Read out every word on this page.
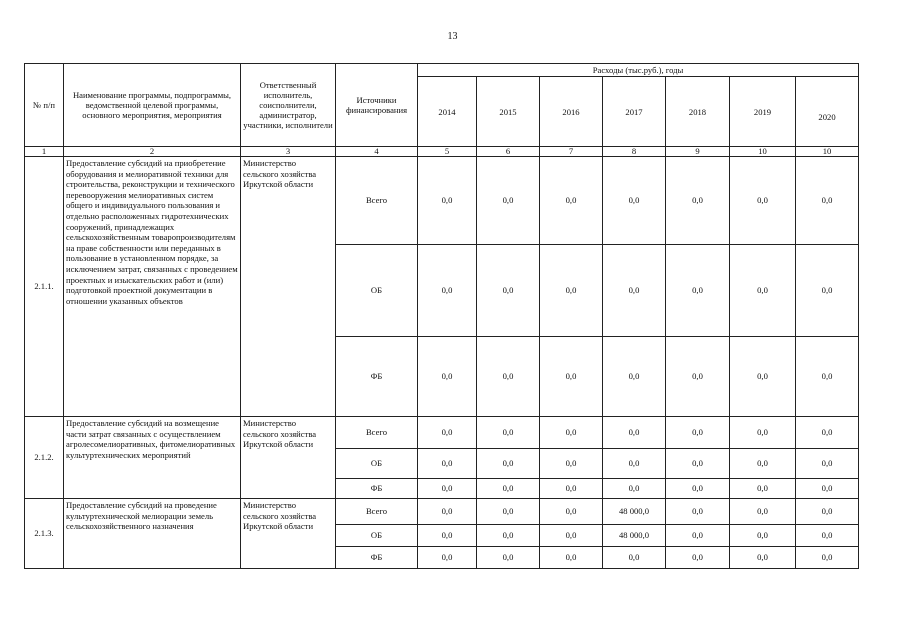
13
№ п/п	Наименование программы, подпрограммы, ведомственной целевой программы, основного мероприятия, мероприятия	Ответственный исполнитель, соисполнители, администратор, участники, исполнители	Источники финансирования	Расходы (тыс.руб.), годы						
				2014	2015	2016	2017	2018	2019	2020
1	2	3	4	5	6	7	8	9	10	10
2.1.1.	Предоставление субсидий на приобретение оборудования и мелиоративной техники для строительства, реконструкции и технического перевооружения мелиоративных систем общего и индивидуального пользования и отдельно расположенных гидротехнических сооружений, принадлежащих сельскохозяйственным товаропроизводителям на праве собственности или переданных в пользование в установленном порядке, за исключением затрат, связанных с проведением проектных и изыскательских работ и (или) подготовкой проектной документации в отношении указанных объектов	Министерство сельского хозяйства Иркутской области	Всего	0,0	0,0	0,0	0,0	0,0	0,0	0,0
			ОБ	0,0	0,0	0,0	0,0	0,0	0,0	0,0
			ФБ	0,0	0,0	0,0	0,0	0,0	0,0	0,0
2.1.2.	Предоставление субсидий на возмещение части затрат связанных с осуществлением агролесомелиоративных, фитомелиоративных культуртехнических мероприятий	Министерство сельского хозяйства Иркутской области	Всего	0,0	0,0	0,0	0,0	0,0	0,0	0,0
			ОБ	0,0	0,0	0,0	0,0	0,0	0,0	0,0
			ФБ	0,0	0,0	0,0	0,0	0,0	0,0	0,0
2.1.3.	Предоставление субсидий на проведение культуртехнической мелиорации земель сельскохозяйственного назначения	Министерство сельского хозяйства Иркутской области	Всего	0,0	0,0	0,0	48 000,0	0,0	0,0	0,0
			ОБ	0,0	0,0	0,0	48 000,0	0,0	0,0	0,0
			ФБ	0,0	0,0	0,0	0,0	0,0	0,0	0,0
